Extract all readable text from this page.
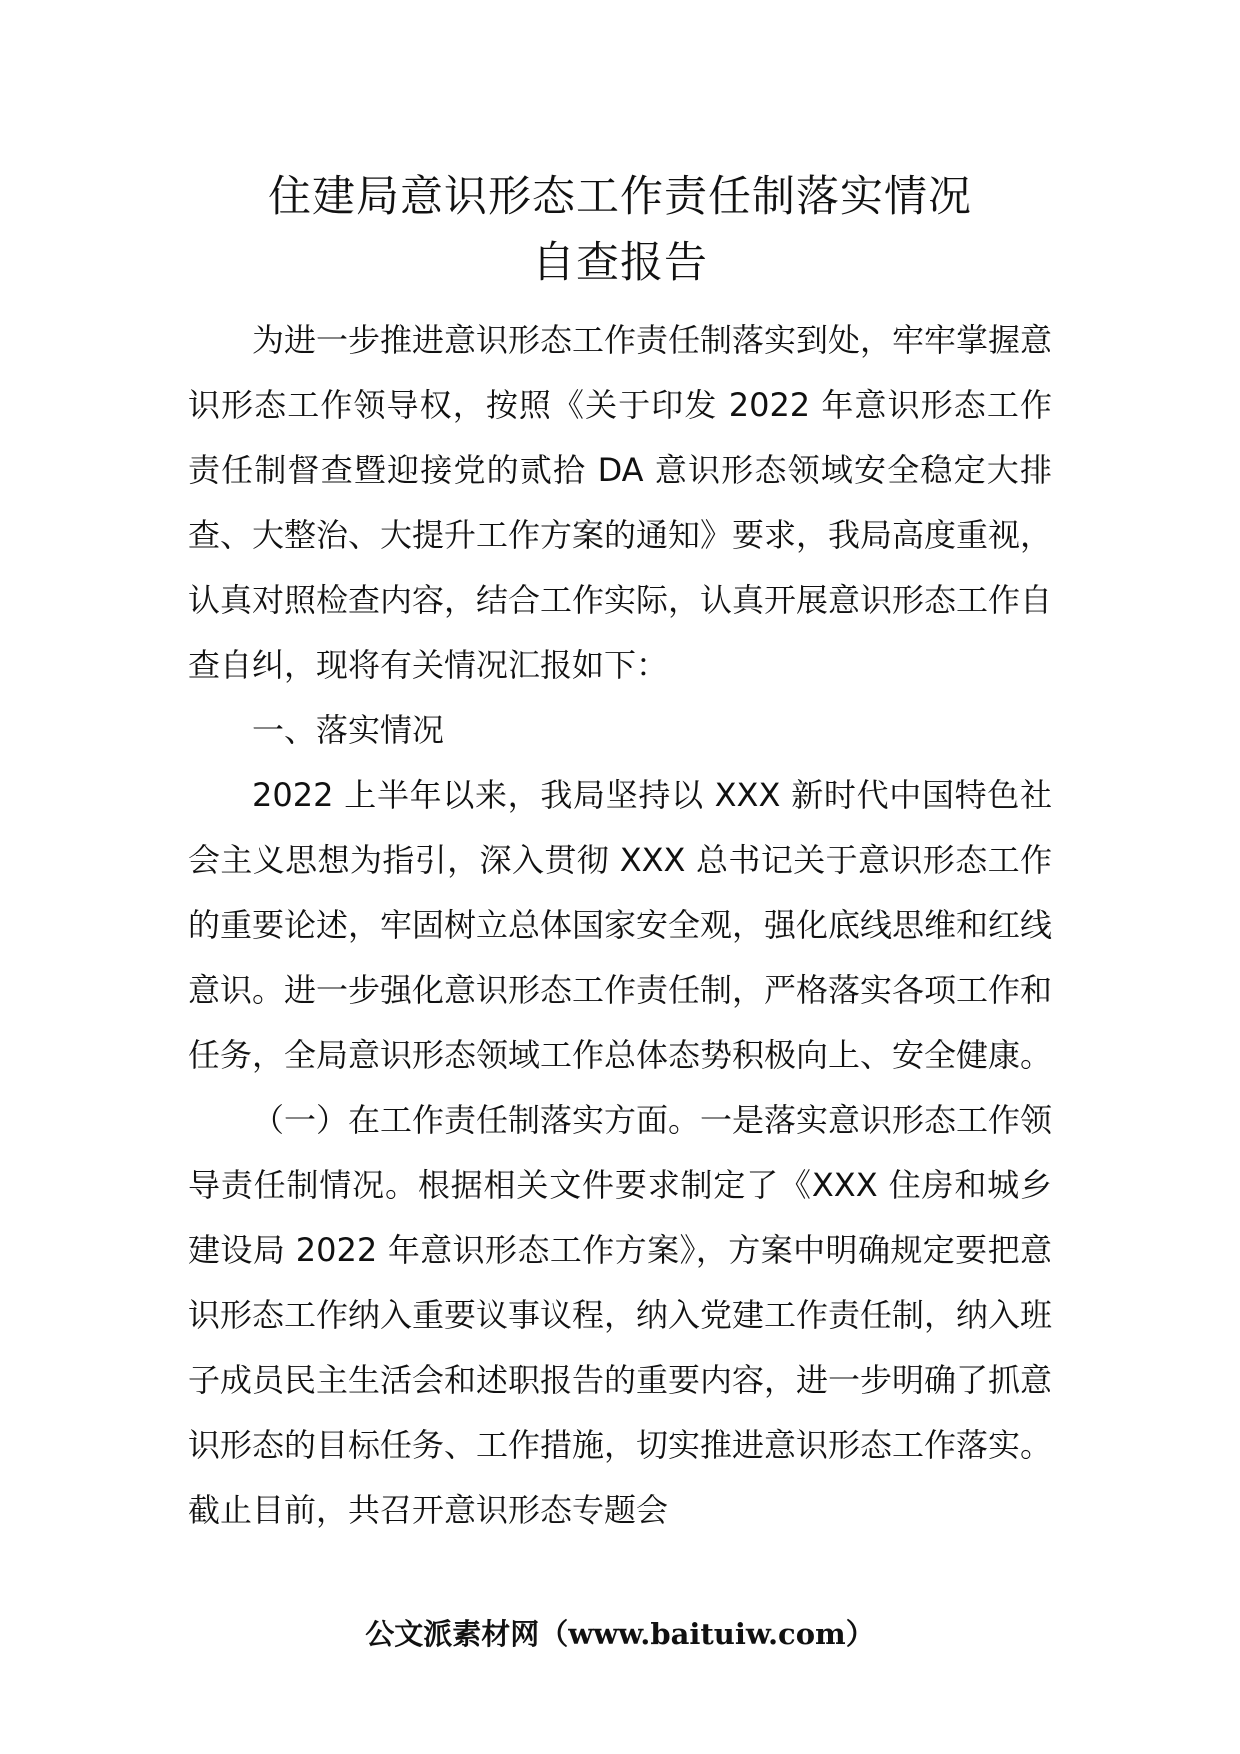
住建局意识形态工作责任制落实情况
自查报告

为进一步推进意识形态工作责任制落实到处，牢牢掌握意识形态工作领导权，按照《关于印发 2022 年意识形态工作责任制督查暨迎接党的贰拾 DA 意识形态领域安全稳定大排查、大整治、大提升工作方案的通知》要求，我局高度重视，认真对照检查内容，结合工作实际，认真开展意识形态工作自查自纠，现将有关情况汇报如下：

一、落实情况

2022 上半年以来，我局坚持以 XXX 新时代中国特色社会主义思想为指引，深入贯彻 XXX 总书记关于意识形态工作的重要论述，牢固树立总体国家安全观，强化底线思维和红线意识。进一步强化意识形态工作责任制，严格落实各项工作和任务，全局意识形态领域工作总体态势积极向上、安全健康。

（一）在工作责任制落实方面。一是落实意识形态工作领导责任制情况。根据相关文件要求制定了《XXX 住房和城乡建设局 2022 年意识形态工作方案》，方案中明确规定要把意识形态工作纳入重要议事议程，纳入党建工作责任制，纳入班子成员民主生活会和述职报告的重要内容，进一步明确了抓意识形态的目标任务、工作措施，切实推进意识形态工作落实。截止目前，共召开意识形态专题会

公文派素材网（www.baituiw.com）
